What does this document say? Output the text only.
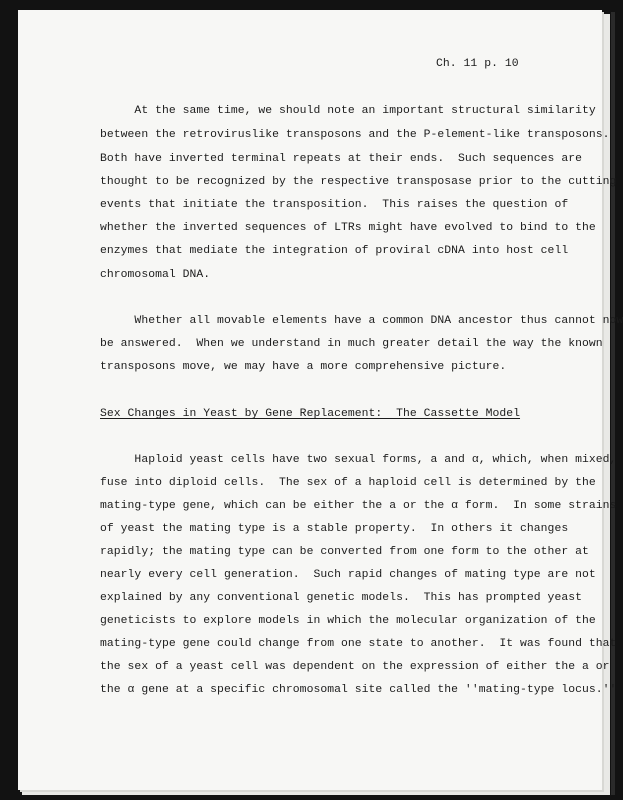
Ch. 11 p. 10
At the same time, we should note an important structural similarity
between the retroviruslike transposons and the P-element-like transposons.
Both have inverted terminal repeats at their ends.  Such sequences are
thought to be recognized by the respective transposase prior to the cutting
events that initiate the transposition.  This raises the question of
whether the inverted sequences of LTRs might have evolved to bind to the
enzymes that mediate the integration of proviral cDNA into host cell
chromosomal DNA.
Whether all movable elements have a common DNA ancestor thus cannot now
be answered.  When we understand in much greater detail the way the known
transposons move, we may have a more comprehensive picture.
Sex Changes in Yeast by Gene Replacement:  The Cassette Model
Haploid yeast cells have two sexual forms, a and α, which, when mixed,
fuse into diploid cells.  The sex of a haploid cell is determined by the
mating-type gene, which can be either the a or the α form.  In some strains
of yeast the mating type is a stable property.  In others it changes
rapidly; the mating type can be converted from one form to the other at
nearly every cell generation.  Such rapid changes of mating type are not
explained by any conventional genetic models.  This has prompted yeast
geneticists to explore models in which the molecular organization of the
mating-type gene could change from one state to another.  It was found that
the sex of a yeast cell was dependent on the expression of either the a or
the α gene at a specific chromosomal site called the ''mating-type locus.''
